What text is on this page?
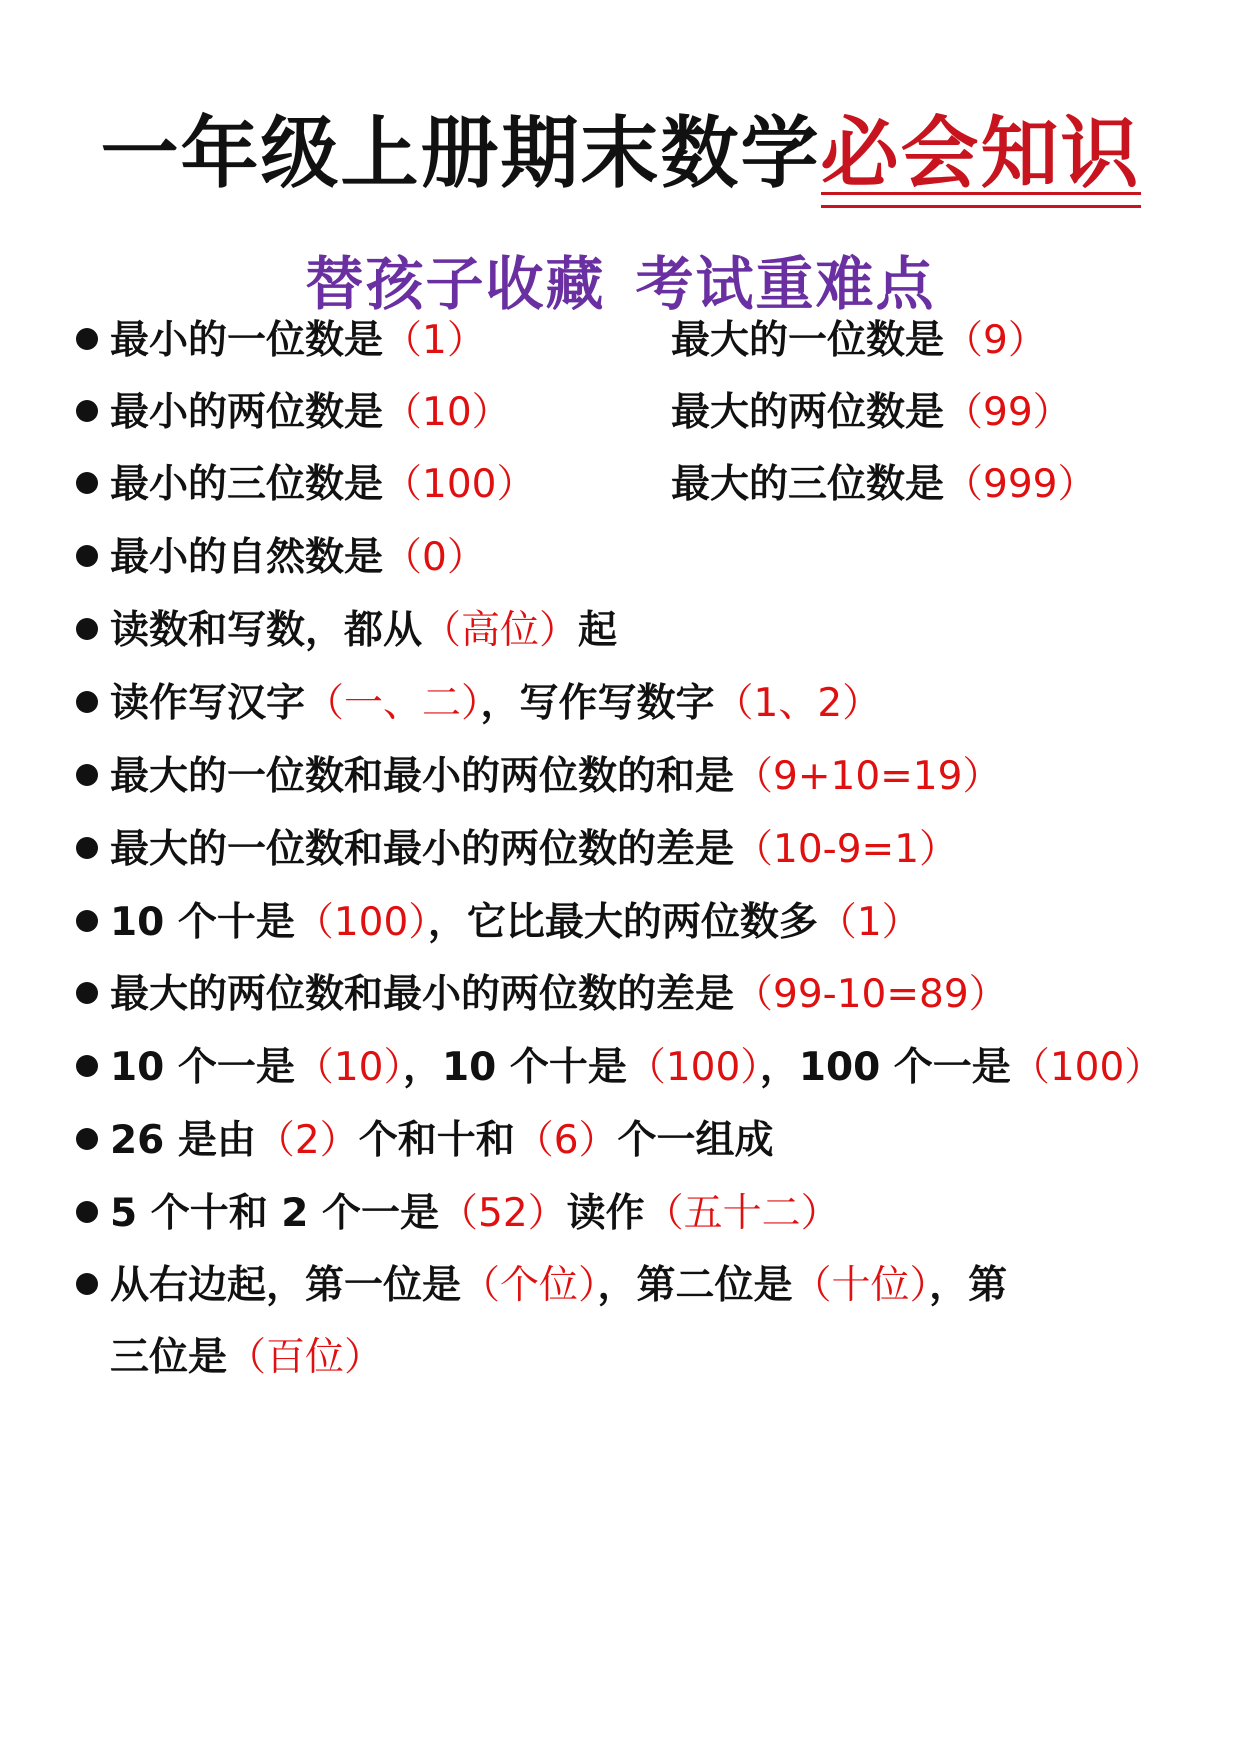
一年级上册期末数学必会知识
替孩子收藏 考试重难点
最小的一位数是（1）	最大的一位数是（9）
最小的两位数是（10）	最大的两位数是（99）
最小的三位数是（100）	最大的三位数是（999）
最小的自然数是（0）
读数和写数，都从（高位）起
读作写汉字（一、二），写作写数字（1、2）
最大的一位数和最小的两位数的和是（9+10=19）
最大的一位数和最小的两位数的差是（10-9=1）
10 个十是（100），它比最大的两位数多（1）
最大的两位数和最小的两位数的差是（99-10=89）
10 个一是（10），10 个十是（100），100 个一是（100）
26 是由（2）个和十和（6）个一组成
5 个十和 2 个一是（52）读作（五十二）
从右边起，第一位是（个位），第二位是（十位），第
三位是（百位）
